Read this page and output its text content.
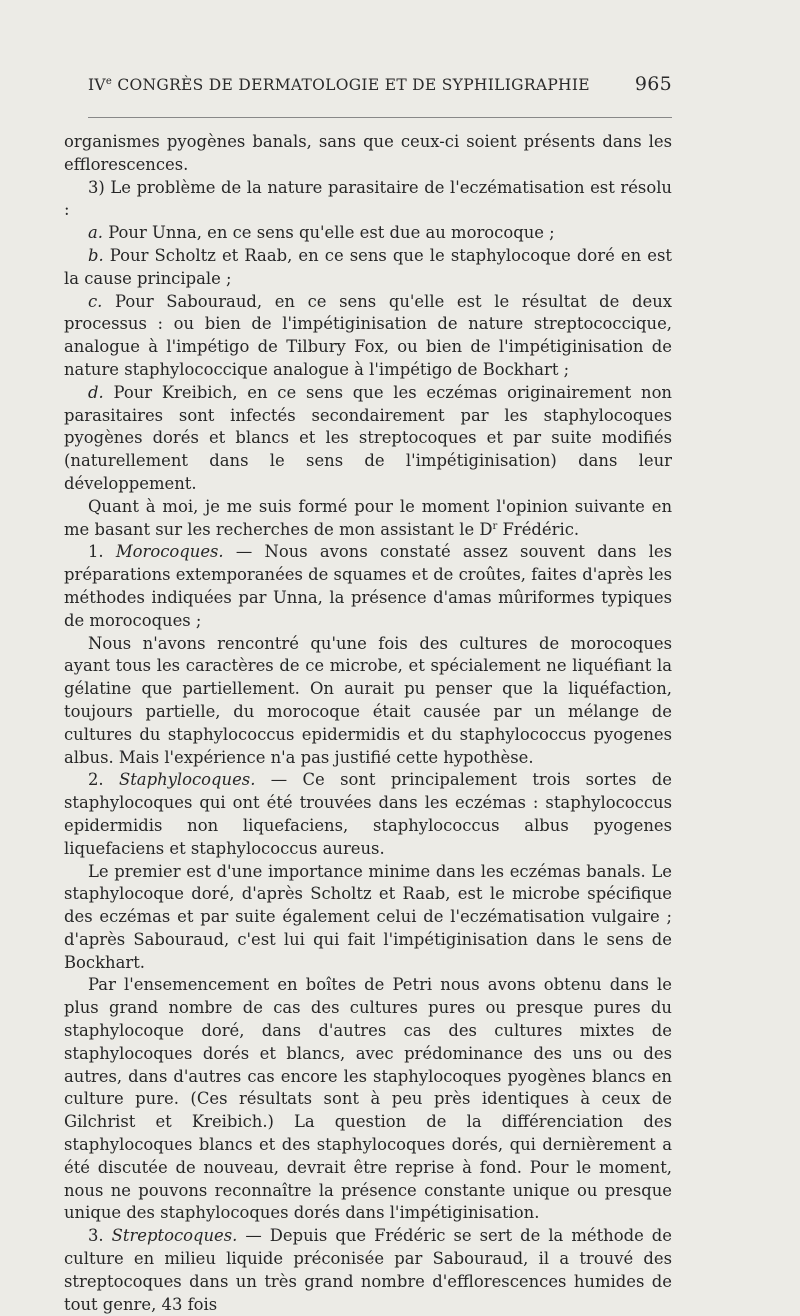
IVe CONGRÈS DE DERMATOLOGIE ET DE SYPHILIGRAPHIE 965

organismes pyogènes banals, sans que ceux-ci soient présents dans les efflorescences.

3) Le problème de la nature parasitaire de l'eczématisation est résolu :

a. Pour Unna, en ce sens qu'elle est due au morocoque ;

b. Pour Scholtz et Raab, en ce sens que le staphylocoque doré en est la cause principale ;

c. Pour Sabouraud, en ce sens qu'elle est le résultat de deux processus : ou bien de l'impétiginisation de nature streptococcique, analogue à l'impétigo de Tilbury Fox, ou bien de l'impétiginisation de nature staphylococcique analogue à l'impétigo de Bockhart ;

d. Pour Kreibich, en ce sens que les eczémas originairement non parasitaires sont infectés secondairement par les staphylocoques pyogènes dorés et blancs et les streptocoques et par suite modifiés (naturellement dans le sens de l'impétiginisation) dans leur développement.

Quant à moi, je me suis formé pour le moment l'opinion suivante en me basant sur les recherches de mon assistant le $D^r$ Frédéric.

1. Morocoques. — Nous avons constaté assez souvent dans les préparations extemporanées de squames et de croûtes, faites d'après les méthodes indiquées par Unna, la présence d'amas mûriformes typiques de morocoques ;

Nous n'avons rencontré qu'une fois des cultures de morocoques ayant tous les caractères de ce microbe, et spécialement ne liquéfiant la gélatine que partiellement. On aurait pu penser que la liquéfaction, toujours partielle, du morocoque était causée par un mélange de cultures du staphylococcus epidermidis et du staphylococcus pyogenes albus. Mais l'expérience n'a pas justifié cette hypothèse.

2. Staphylocoques. — Ce sont principalement trois sortes de staphylocoques qui ont été trouvées dans les eczémas : staphylococcus epidermidis non liquefaciens, staphylococcus albus pyogenes liquefaciens et staphylococcus aureus.

Le premier est d'une importance minime dans les eczémas banals. Le staphylocoque doré, d'après Scholtz et Raab, est le microbe spécifique des eczémas et par suite également celui de l'eczématisation vulgaire ; d'après Sabouraud, c'est lui qui fait l'impétiginisation dans le sens de Bockhart.

Par l'ensemencement en boîtes de Petri nous avons obtenu dans le plus grand nombre de cas des cultures pures ou presque pures du staphylocoque doré, dans d'autres cas des cultures mixtes de staphylocoques dorés et blancs, avec prédominance des uns ou des autres, dans d'autres cas encore les staphylocoques pyogènes blancs en culture pure. (Ces résultats sont à peu près identiques à ceux de Gilchrist et Kreibich.) La question de la différenciation des staphylocoques blancs et des staphylocoques dorés, qui dernièrement a été discutée de nouveau, devrait être reprise à fond. Pour le moment, nous ne pouvons reconnaître la présence constante unique ou presque unique des staphylocoques dorés dans l'impétiginisation.

3. Streptocoques. — Depuis que Frédéric se sert de la méthode de culture en milieu liquide préconisée par Sabouraud, il a trouvé des streptocoques dans un très grand nombre d'efflorescences humides de tout genre, 43 fois
